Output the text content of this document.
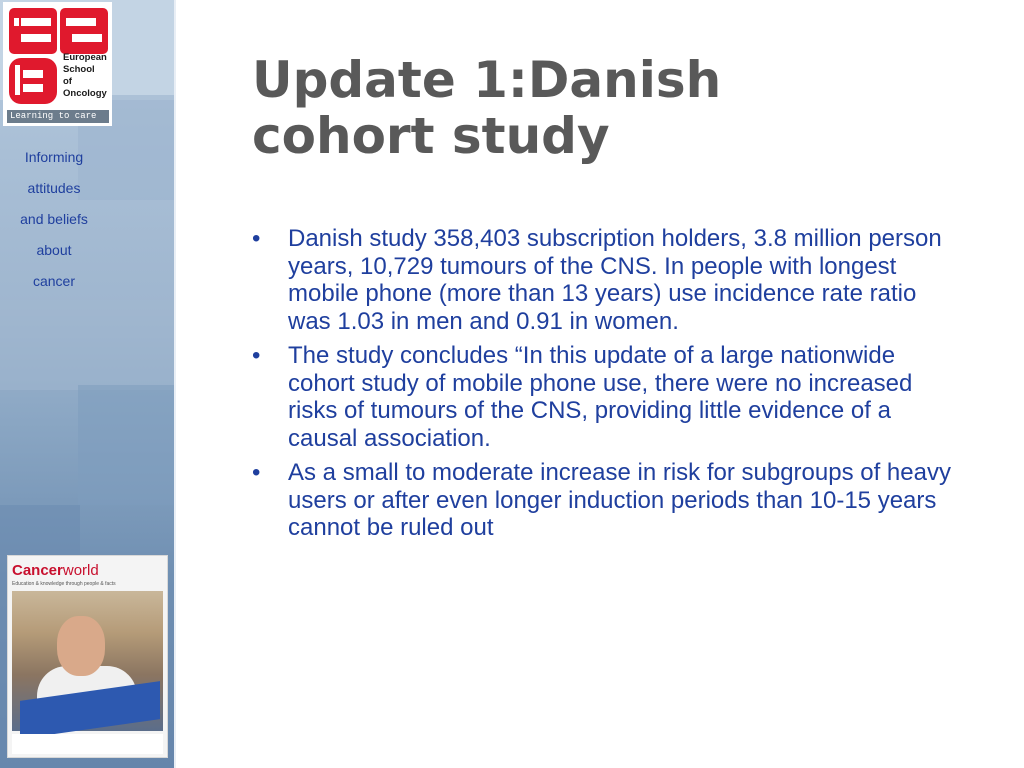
European
School
of
Oncology
Learning to care
Informing
attitudes
and beliefs
about
cancer
Cancerworld
Education & knowledge through people & facts
Update 1:Danish
cohort study
• Danish study 358,403 subscription holders, 3.8 million person years, 10,729 tumours of the CNS. In people with longest mobile phone (more than 13 years) use incidence rate ratio was 1.03 in men and 0.91 in women.
• The study concludes “In this update of a large nationwide cohort study of mobile phone use, there were no increased risks of tumours of the CNS, providing little evidence of a causal association.
• As a small to moderate increase in risk for subgroups of heavy users or after even longer induction periods than 10-15 years cannot be ruled out
